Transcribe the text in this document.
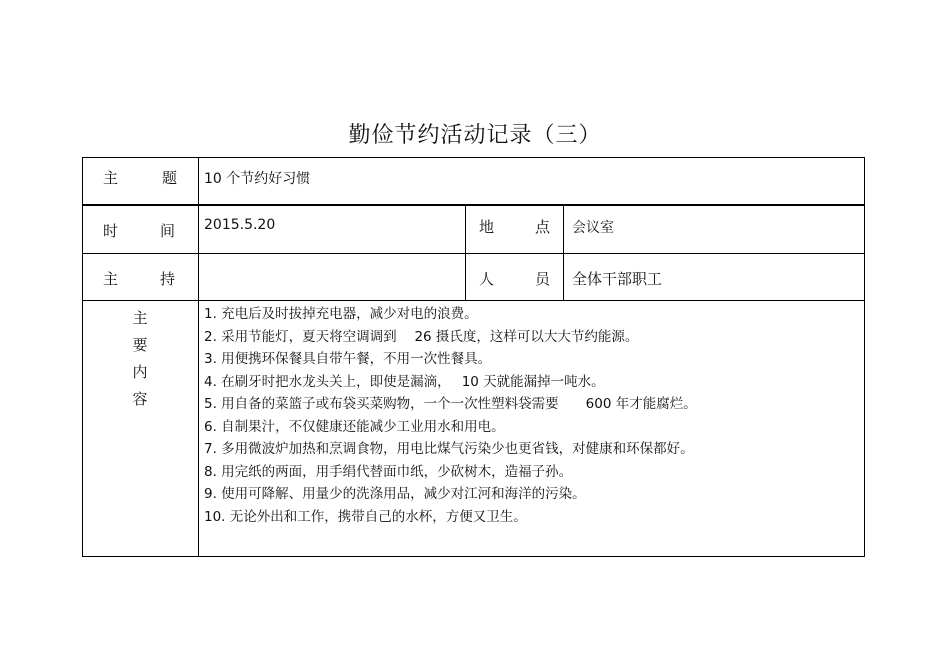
勤俭节约活动记录（三）
主题 10 个节约好习惯
时间 2015.5.20	地点 会议室
主持	人员 全体干部职工
主
要
内
容
1. 充电后及时拔掉充电器，减少对电的浪费。
2. 采用节能灯，夏天将空调调到　 26 摄氏度，这样可以大大节约能源。
3. 用便携环保餐具自带午餐，不用一次性餐具。
4. 在刷牙时把水龙头关上，即使是漏滴，　 10 天就能漏掉一吨水。
5. 用自备的菜篮子或布袋买菜购物，一个一次性塑料袋需要　　600 年才能腐烂。
6. 自制果汁，不仅健康还能减少工业用水和用电。
7. 多用微波炉加热和烹调食物，用电比煤气污染少也更省钱，对健康和环保都好。
8. 用完纸的两面，用手绢代替面巾纸，少砍树木，造福子孙。
9. 使用可降解、用量少的洗涤用品，减少对江河和海洋的污染。
10. 无论外出和工作，携带自己的水杯，方便又卫生。
